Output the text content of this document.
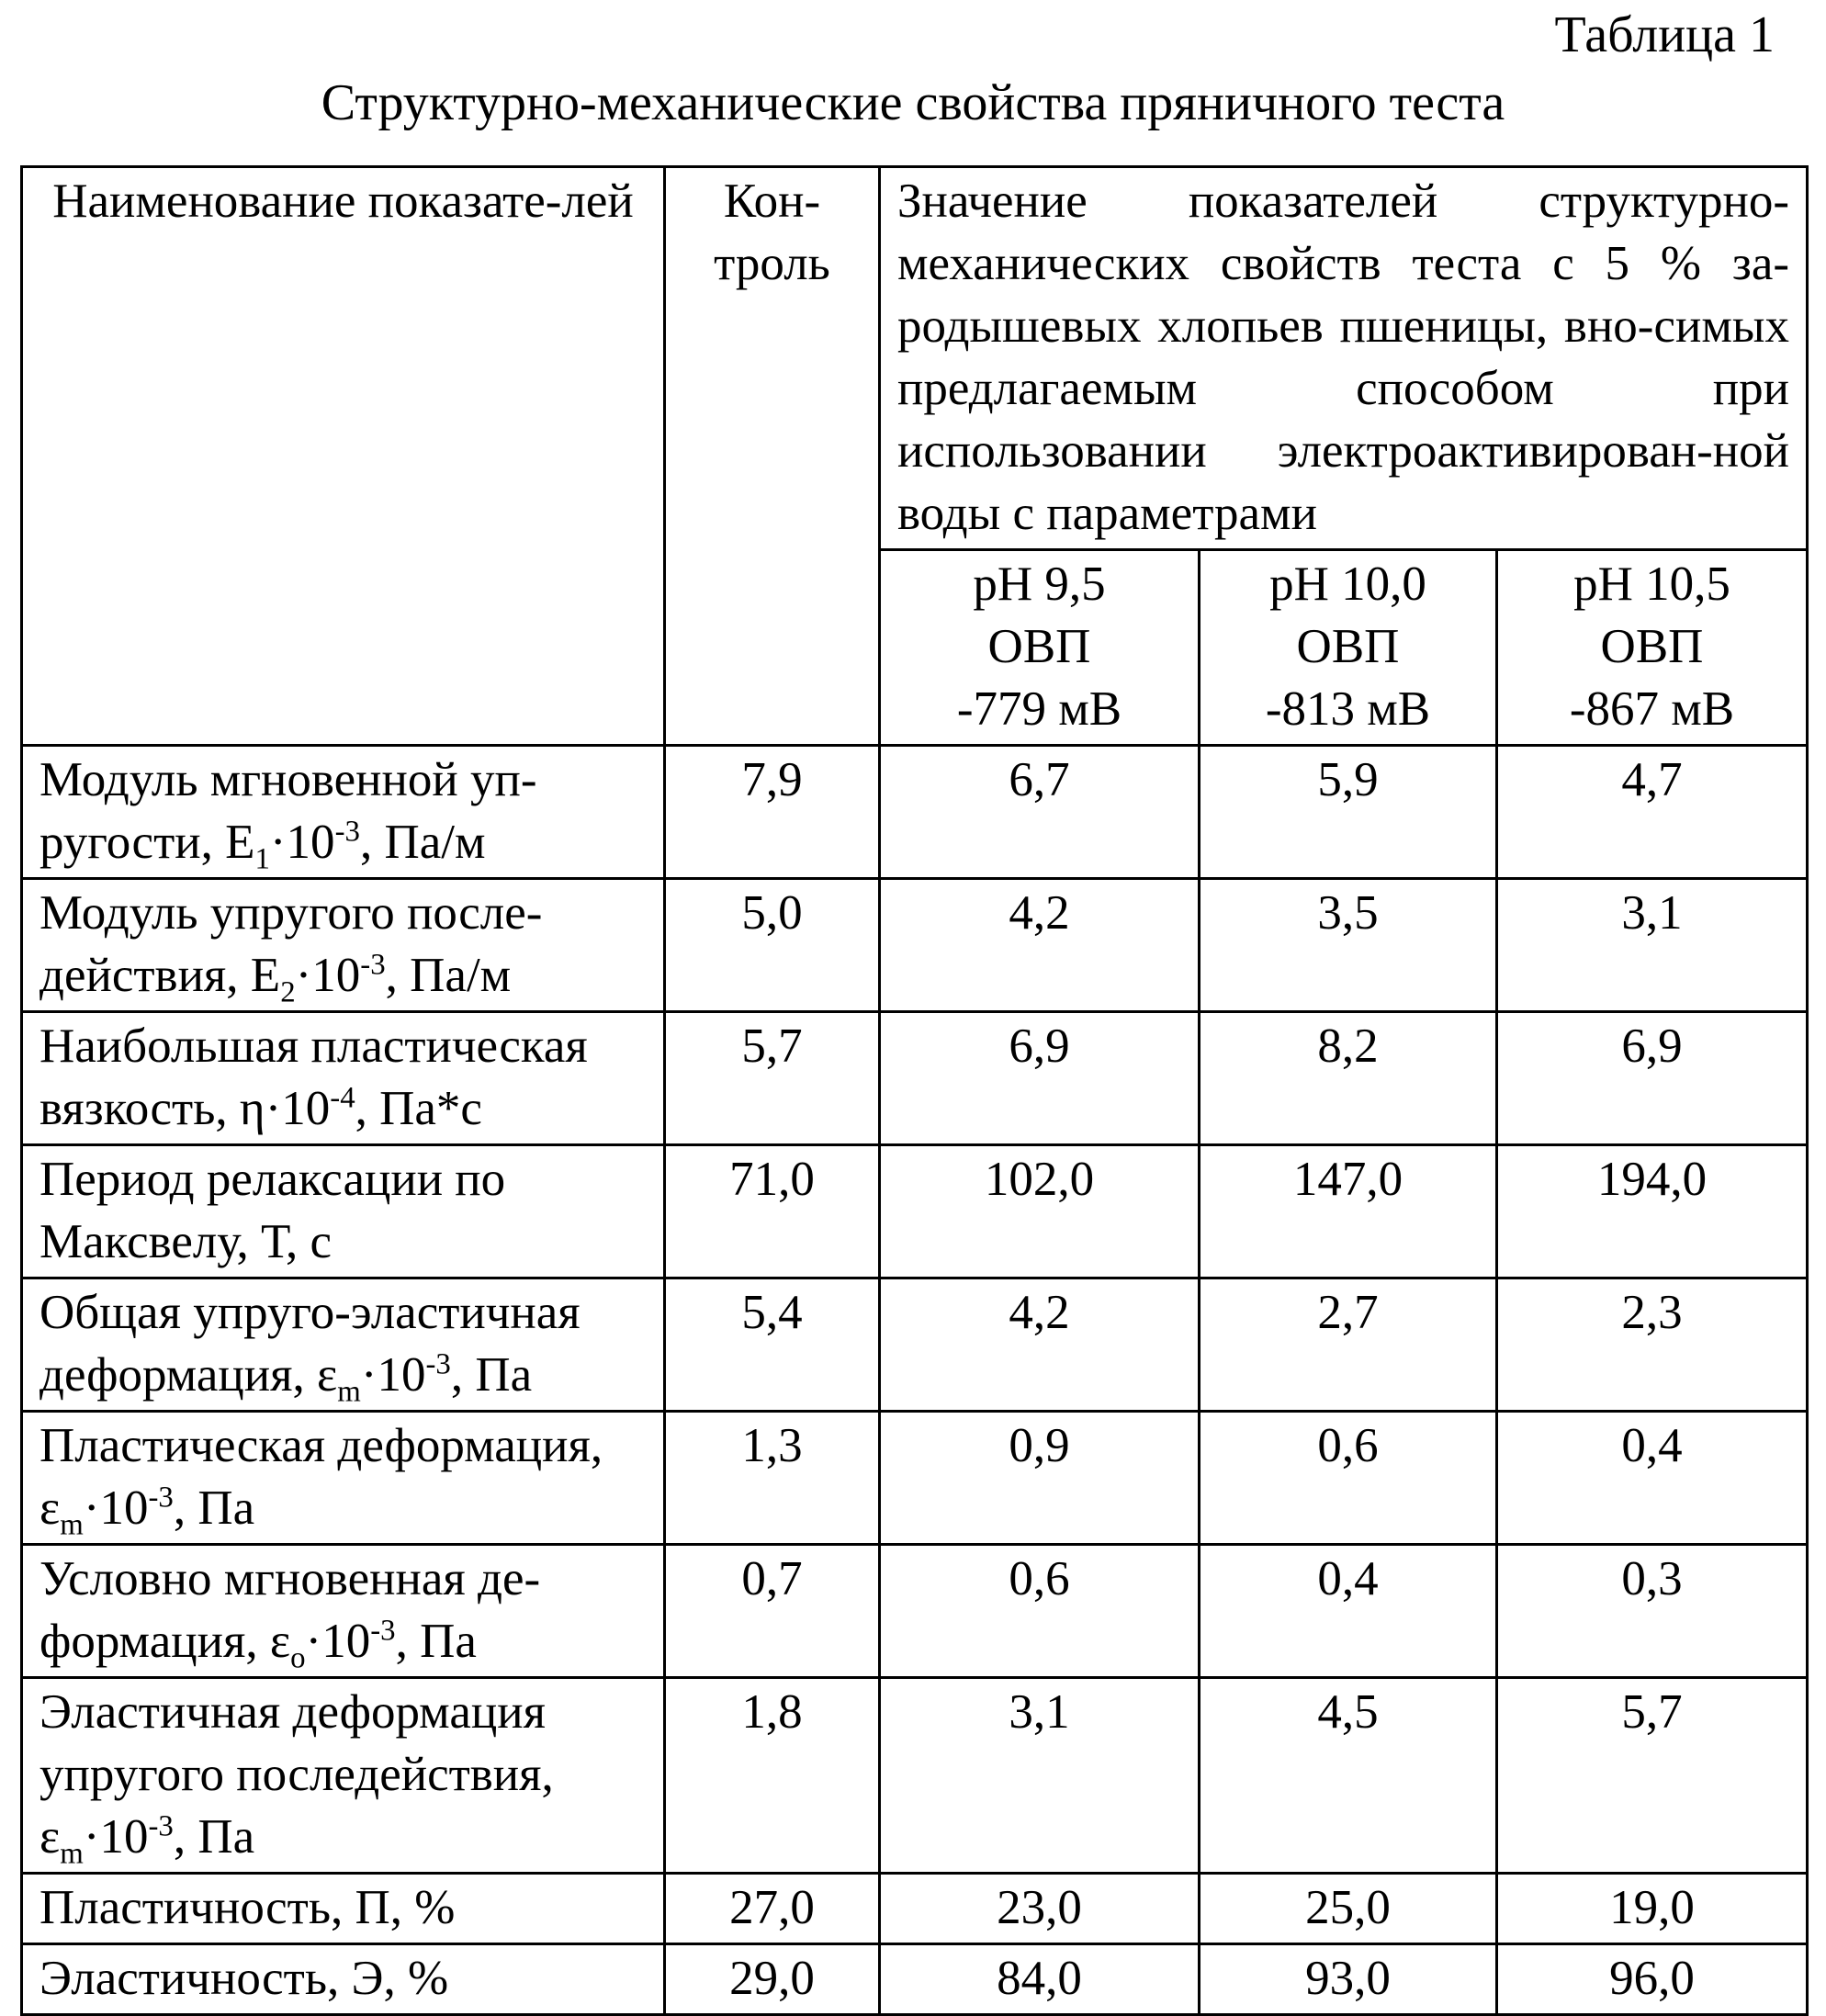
Таблица 1
Структурно-механические свойства пряничного теста
Наименование показате-лей	Кон-троль	Значение показателей структурно-механических свойств теста с 5 % за-родышевых хлопьев пшеницы, вно-симых предлагаемым способом при использовании электроактивирован-ной воды с параметрами

pH 9,5
ОВП
-779 мВ

pH 10,0
ОВП
-813 мВ

pH 10,5
ОВП
-867 мВ

Модуль мгновенной уп-ругости, E1·10-3, Па/м	7,9	6,7	5,9	4,7
Модуль упругого после-действия, E2·10-3, Па/м	5,0	4,2	3,5	3,1
Наибольшая пластическая вязкость, η·10-4, Па*с	5,7	6,9	8,2	6,9
Период релаксации по Максвелу, Т, с	71,0	102,0	147,0	194,0
Общая упруго-эластичная деформация, εm·10-3, Па	5,4	4,2	2,7	2,3
Пластическая деформация, εm·10-3, Па	1,3	0,9	0,6	0,4
Условно мгновенная де-формация, εo·10-3, Па	0,7	0,6	0,4	0,3
Эластичная деформация упругого последействия, εm·10-3, Па	1,8	3,1	4,5	5,7
Пластичность, П, %	27,0	23,0	25,0	19,0
Эластичность, Э, %	29,0	84,0	93,0	96,0
